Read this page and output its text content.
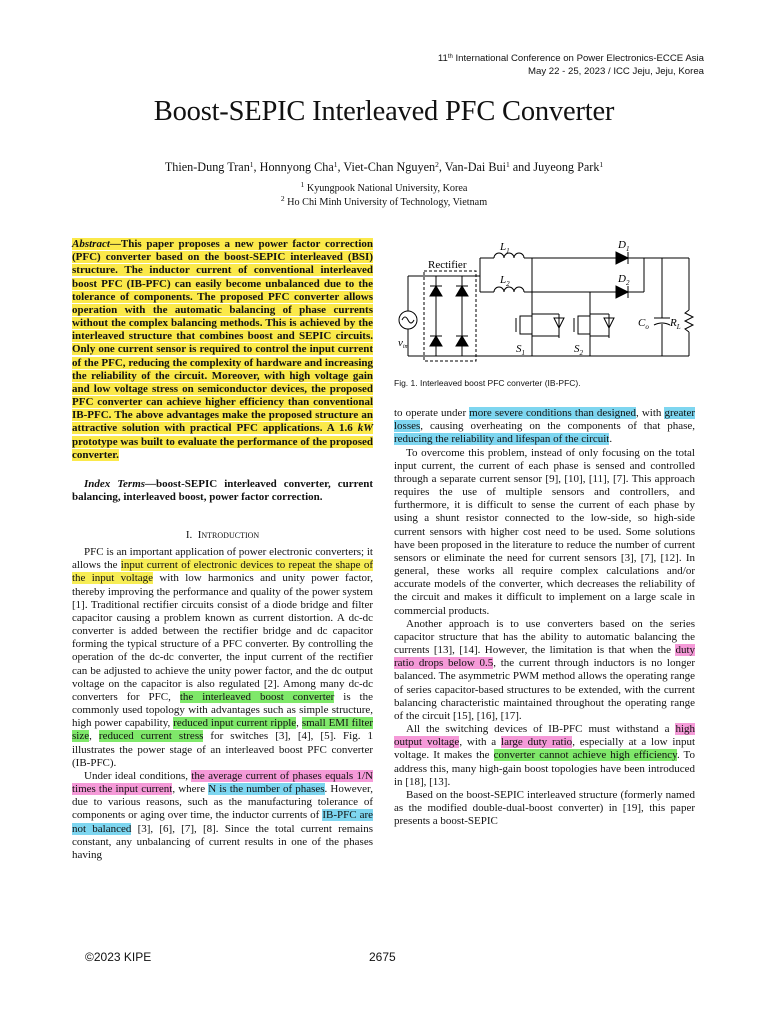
11th International Conference on Power Electronics-ECCE Asia
May 22 - 25, 2023 / ICC Jeju, Jeju, Korea
Boost-SEPIC Interleaved PFC Converter
Thien-Dung Tran$^1$, Honnyong Cha$^1$, Viet-Chan Nguyen$^2$, Van-Dai Bui$^1$ and Juyeong Park$^1$
$^1$ Kyungpook National University, Korea
$^2$ Ho Chi Minh University of Technology, Vietnam

Abstract—This paper proposes a new power factor correction (PFC) converter based on the boost-SEPIC interleaved (BSI) structure. The inductor current of conventional interleaved boost PFC (IB-PFC) can easily become unbalanced due to the tolerance of components. The proposed PFC converter allows operation with the automatic balancing of phase currents without the complex balancing methods. This is achieved by the interleaved structure that combines boost and SEPIC circuits. Only one current sensor is required to control the input current of the PFC, reducing the complexity of hardware and increasing the reliability of the circuit. Moreover, with high voltage gain and low voltage stress on semiconductor devices, the proposed PFC converter can achieve higher efficiency than conventional IB-PFC. The above advantages make the proposed structure an attractive solution with practical PFC applications. A 1.6 kW prototype was built to evaluate the performance of the proposed converter.

Index Terms—boost-SEPIC interleaved converter, current balancing, interleaved boost, power factor correction.

I. Introduction

PFC is an important application of power electronic converters; it allows the input current of electronic devices to repeat the shape of the input voltage with low harmonics and unity power factor, thereby improving the performance and quality of the power system [1]. Traditional rectifier circuits consist of a diode bridge and filter capacitor causing a problem known as current distortion. A dc-dc converter is added between the rectifier bridge and dc capacitor forming the typical structure of a PFC converter. By controlling the operation of the dc-dc converter, the input current of the rectifier can be adjusted to achieve the unity power factor, and the dc output voltage on the capacitor is also regulated [2]. Among many dc-dc converters for PFC, the interleaved boost converter is the commonly used topology with advantages such as simple structure, high power capability, reduced input current ripple, small EMI filter size, reduced current stress for switches [3], [4], [5]. Fig. 1 illustrates the power stage of an interleaved boost PFC converter (IB-PFC).

Under ideal conditions, the average current of phases equals 1/N times the input current, where N is the number of phases. However, due to various reasons, such as the manufacturing tolerance of components or aging over time, the inductor currents of IB-PFC are not balanced [3], [6], [7], [8]. Since the total current remains constant, any unbalancing of current results in one of the phases having

Rectifier
$L_1$
$L_2$
$D_1$
$D_2$
$C_o$ $R_L$
$S_1$	$S_2$
vin
Fig. 1. Interleaved boost PFC converter (IB-PFC).

to operate under more severe conditions than designed, with greater losses, causing overheating on the components of that phase, reducing the reliability and lifespan of the circuit.

To overcome this problem, instead of only focusing on the total input current, the current of each phase is sensed and controlled through a separate current sensor [9], [10], [11], [7]. This approach requires the use of multiple sensors and controllers, and furthermore, it is difficult to sense the current of each phase by using a shunt resistor connected to the low-side, so high-side current sensors with higher cost need to be used. Some solutions have been proposed in the literature to reduce the number of current sensors or eliminate the need for current sensors [3], [7], [12]. In general, these works all require complex calculations and/or accurate models of the converter, which decreases the reliability of the circuit and makes it difficult to implement on a large scale in commercial products.

Another approach is to use converters based on the series capacitor structure that has the ability to automatic balancing the currents [13], [14]. However, the limitation is that when the duty ratio drops below 0.5, the current through inductors is no longer balanced. The asymmetric PWM method allows the operating range of series capacitor-based structures to be extended, with the current balancing characteristic maintained throughout the operating range of the circuit [15], [16], [17].

All the switching devices of IB-PFC must withstand a high output voltage, with a large duty ratio, especially at a low input voltage. It makes the converter cannot achieve high efficiency. To address this, many high-gain boost topologies have been introduced in [18], [13].

Based on the boost-SEPIC interleaved structure (formerly named as the modified double-dual-boost converter) in [19], this paper presents a boost-SEPIC

©2023 KIPE	2675
